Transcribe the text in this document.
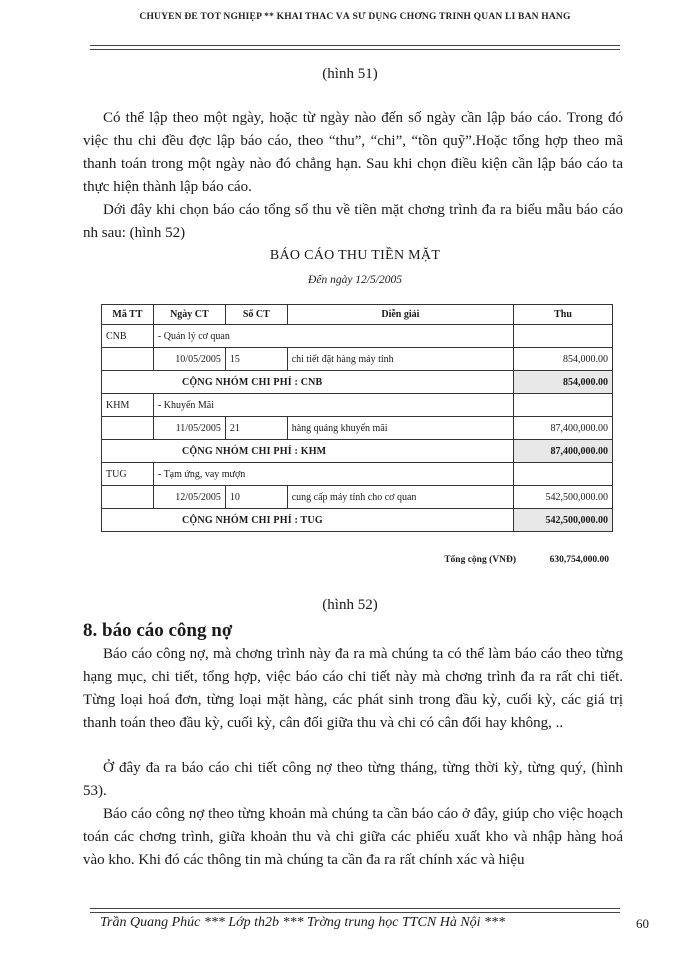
CHUYÊN ĐỀ TỐT NGHIỆP ** KHAI THÁC VÀ SỬ DỤNG CHƠNG TRÌNH QUẢN LÍ BÁN HÀNG
(hình 51)

Có thể lập theo một ngày, hoặc từ ngày nào đến số ngày cần lập báo cáo. Trong đó việc thu chi đều đợc lập báo cáo, theo “thu”, “chi”, “tồn quỹ”.Hoặc tổng hợp theo mã thanh toán trong một ngày nào đó chẳng hạn. Sau khi chọn điều kiện cần lập báo cáo ta thực hiện thành lập báo cáo.

Dới đây khi chọn báo cáo tổng số thu về tiền mặt chơng trình đa ra biểu mẫu báo cáo nh sau: (hình 52)

BÁO CÁO THU TIỀN MẶT
Đến ngày 12/5/2005
Mã TT	Ngày CT	Số CT	Diễn giải	Thu
CNB	- Quản lý cơ quan			
	10/05/2005	15	chi tiết đặt hàng máy tính	854,000.00
CỘNG NHÓM CHI PHÍ : CNB				854,000.00
KHM	- Khuyến Mãi			
	11/05/2005	21	hàng quảng khuyến mãi	87,400,000.00
CỘNG NHÓM CHI PHÍ : KHM				87,400,000.00
TUG	- Tạm ứng, vay mượn			
	12/05/2005	10	cung cấp máy tính cho cơ quan	542,500,000.00
CỘNG NHÓM CHI PHÍ : TUG				542,500,000.00
Tổng cộng (VNĐ)	630,754,000.00
(hình 52)
8. báo cáo công nợ

Báo cáo công nợ, mà chơng trình này đa ra mà chúng ta có thể làm báo cáo theo từng hạng mục, chi tiết, tổng hợp, việc báo cáo chi tiết này mà chơng trình đa ra rất chi tiết. Từng loại hoá đơn, từng loại mặt hàng, các phát sinh trong đầu kỳ, cuối kỳ, các giá trị thanh toán theo đầu kỳ, cuối kỳ, cân đối giữa thu và chi có cân đối hay không, ..

Ở đây đa ra báo cáo chi tiết công nợ theo từng tháng, từng thời kỳ, từng quý, (hình 53).

Báo cáo công nợ theo từng khoản mà chúng ta cần báo cáo ở đây, giúp cho việc hoạch toán các chơng trình, giữa khoản thu và chi giữa các phiếu xuất kho và nhập hàng hoá vào kho. Khi đó các thông tin mà chúng ta cần đa ra rất chính xác và hiệu

Trần Quang Phúc *** Lớp th2b *** Trờng trung học TTCN Hà Nội ***	60
